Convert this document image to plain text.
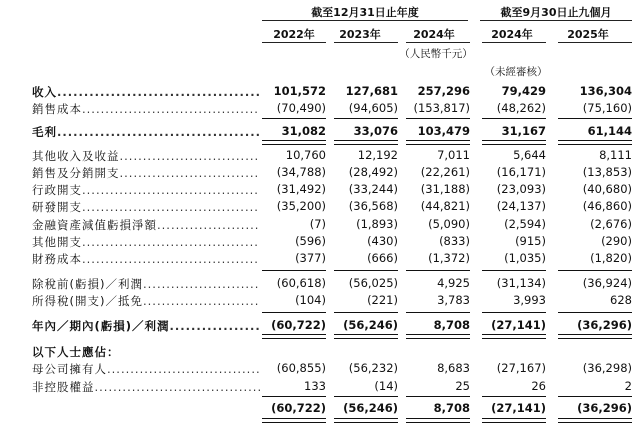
截至12月31日止年度	截至9月30日止九個月
2022年	2023年	2024年	2024年	2025年
（人民幣千元）
（未經審核）
收入 .....	101,572	127,681	257,296	79,429	136,304
銷售成本 .....	(70,490)	(94,605)	(153,817)	(48,262)	(75,160)
毛利 .....	31,082	33,076	103,479	31,167	61,144
其他收入及收益 .....	10,760	12,192	7,011	5,644	8,111
銷售及分銷開支 .....	(34,788)	(28,492)	(22,261)	(16,171)	(13,853)
行政開支 .....	(31,492)	(33,244)	(31,188)	(23,093)	(40,680)
研發開支 .....	(35,200)	(36,568)	(44,821)	(24,137)	(46,860)
金融資產減值虧損淨額 .....	(7)	(1,893)	(5,090)	(2,594)	(2,676)
其他開支 .....	(596)	(430)	(833)	(915)	(290)
財務成本 .....	(377)	(666)	(1,372)	(1,035)	(1,820)
除稅前(虧損)／利潤 .....	(60,618)	(56,025)	4,925	(31,134)	(36,924)
所得稅(開支)／抵免 .....	(104)	(221)	3,783	3,993	628
年內／期內(虧損)／利潤 .....	(60,722)	(56,246)	8,708	(27,141)	(36,296)
以下人士應佔：
母公司擁有人 .....	(60,855)	(56,232)	8,683	(27,167)	(36,298)
非控股權益 .....	133	(14)	25	26	2
(60,722)	(56,246)	8,708	(27,141)	(36,296)
